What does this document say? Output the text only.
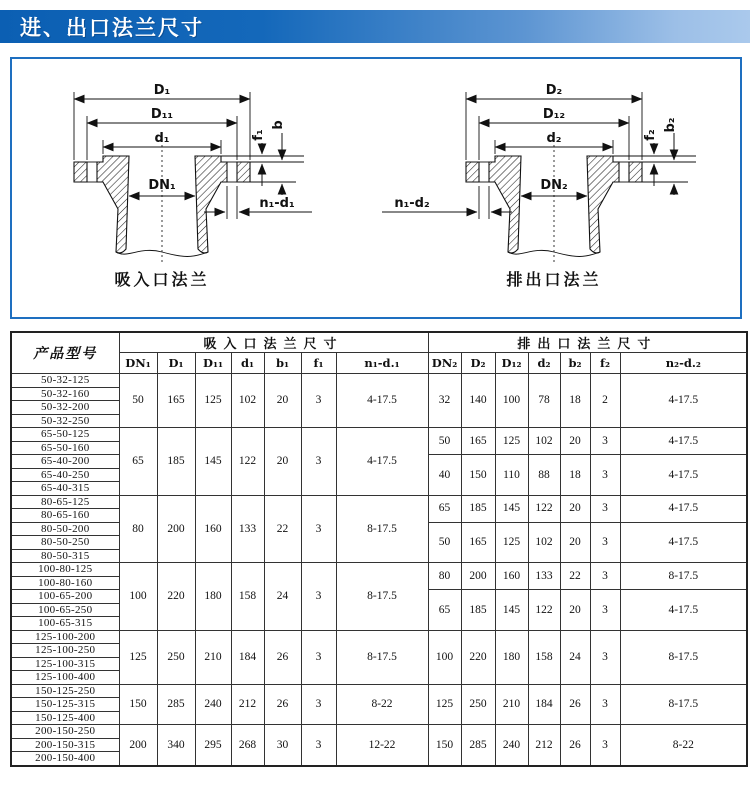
进、出口法兰尺寸
D₁
D₁₁
d₁
DN₁
f₁
b
n₁-d₁
吸入口法兰
D₂
D₁₂
d₂
DN₂
f₂
b₂
n₁-d₂
排出口法兰
产品型号	吸入口法兰尺寸							排出口法兰尺寸						
	DN₁	D₁	D₁₁	d₁	b₁	f₁	n₁-d.₁	DN₂	D₂	D₁₂	d₂	b₂	f₂	n₂-d.₂
50-32-125	50	165	125	102	20	3	4-17.5	32	140	100	78	18	2	4-17.5
50-32-160														
50-32-200														
50-32-250														
65-50-125	65	185	145	122	20	3	4-17.5	50	165	125	102	20	3	4-17.5
65-50-160														
65-40-200								40	150	110	88	18	3	4-17.5
65-40-250														
65-40-315														
80-65-125	80	200	160	133	22	3	8-17.5	65	185	145	122	20	3	4-17.5
80-65-160														
80-50-200								50	165	125	102	20	3	4-17.5
80-50-250														
80-50-315														
100-80-125	100	220	180	158	24	3	8-17.5	80	200	160	133	22	3	8-17.5
100-80-160														
100-65-200								65	185	145	122	20	3	4-17.5
100-65-250														
100-65-315														
125-100-200	125	250	210	184	26	3	8-17.5	100	220	180	158	24	3	8-17.5
125-100-250														
125-100-315														
125-100-400														
150-125-250	150	285	240	212	26	3	8-22	125	250	210	184	26	3	8-17.5
150-125-315														
150-125-400														
200-150-250	200	340	295	268	30	3	12-22	150	285	240	212	26	3	8-22
200-150-315														
200-150-400														
